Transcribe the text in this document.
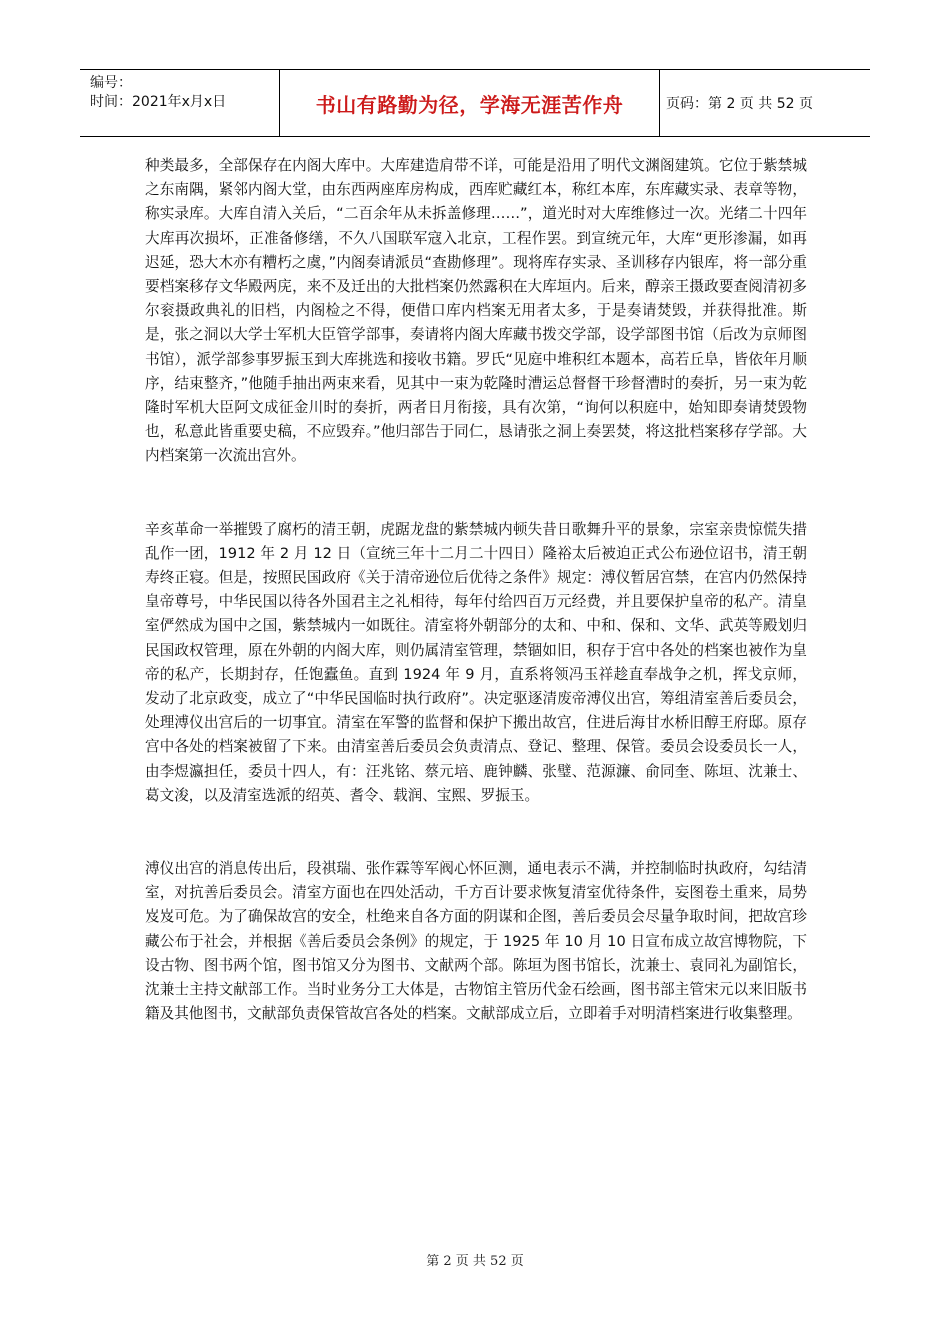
编号：
时间：2021年x月x日	书山有路勤为径，学海无涯苦作舟	页码：第 2 页 共 52 页

种类最多，全部保存在内阁大库中。大库建造肩带不详，可能是沿用了明代文渊阁建筑。它位于紫禁城之东南隅，紧邻内阁大堂，由东西两座库房构成，西库贮藏红本，称红本库，东库藏实录、表章等物，称实录库。大库自清入关后，“二百余年从未拆盖修理……”，道光时对大库维修过一次。光绪二十四年大库再次损坏，正准备修缮，不久八国联军寇入北京，工程作罢。到宣统元年，大库“更形渗漏，如再迟延，恐大木亦有糟朽之虞，”内阁奏请派员“查勘修理”。现将库存实录、圣训移存内银库，将一部分重要档案移存文华殿两庑，来不及迁出的大批档案仍然露积在大库垣内。后来，醇亲王摄政要查阅清初多尔衮摄政典礼的旧档，内阁检之不得，便借口库内档案无用者太多，于是奏请焚毁，并获得批准。斯是，张之洞以大学士军机大臣管学部事，奏请将内阁大库藏书拨交学部，设学部图书馆（后改为京师图书馆），派学部参事罗振玉到大库挑选和接收书籍。罗氏“见庭中堆积红本题本，高若丘阜，皆依年月顺序，结束整齐，”他随手抽出两束来看，见其中一束为乾隆时漕运总督督干珍督漕时的奏折，另一束为乾隆时军机大臣阿文成征金川时的奏折，两者日月衔接，具有次第，“询何以积庭中，始知即奏请焚毁物也，私意此皆重要史稿，不应毁弃。”他归部告于同仁，恳请张之洞上奏罢焚，将这批档案移存学部。大内档案第一次流出宫外。

辛亥革命一举摧毁了腐朽的清王朝，虎踞龙盘的紫禁城内顿失昔日歌舞升平的景象，宗室亲贵惊慌失措乱作一团，1912 年 2 月 12 日（宣统三年十二月二十四日）隆裕太后被迫正式公布逊位诏书，清王朝寿终正寝。但是，按照民国政府《关于清帝逊位后优待之条件》规定：溥仪暂居宫禁，在宫内仍然保持皇帝尊号，中华民国以待各外国君主之礼相待，每年付给四百万元经费，并且要保护皇帝的私产。清皇室俨然成为国中之国，紫禁城内一如既往。清室将外朝部分的太和、中和、保和、文华、武英等殿划归民国政权管理，原在外朝的内阁大库，则仍属清室管理，禁锢如旧，积存于宫中各处的档案也被作为皇帝的私产，长期封存，任饱蠹鱼。直到 1924 年 9 月，直系将领冯玉祥趁直奉战争之机，挥戈京师，发动了北京政变，成立了“中华民国临时执行政府”。决定驱逐清废帝溥仪出宫，筹组清室善后委员会，处理溥仪出宫后的一切事宜。清室在军警的监督和保护下搬出故宫，住进后海甘水桥旧醇王府邸。原存宫中各处的档案被留了下来。由清室善后委员会负责清点、登记、整理、保管。委员会设委员长一人，由李煜瀛担任，委员十四人，有：汪兆铭、蔡元培、鹿钟麟、张璧、范源濂、俞同奎、陈垣、沈兼士、葛文浚，以及清室选派的绍英、耆令、载润、宝熙、罗振玉。

溥仪出宫的消息传出后，段祺瑞、张作霖等军阀心怀叵测，通电表示不满，并控制临时执政府，勾结清室，对抗善后委员会。清室方面也在四处活动，千方百计要求恢复清室优待条件，妄图卷土重来，局势岌岌可危。为了确保故宫的安全，杜绝来自各方面的阴谋和企图，善后委员会尽量争取时间，把故宫珍藏公布于社会，并根据《善后委员会条例》的规定，于 1925 年 10 月 10 日宣布成立故宫博物院，下设古物、图书两个馆，图书馆又分为图书、文献两个部。陈垣为图书馆长，沈兼士、袁同礼为副馆长，沈兼士主持文献部工作。当时业务分工大体是，古物馆主管历代金石绘画，图书部主管宋元以来旧版书籍及其他图书，文献部负责保管故宫各处的档案。文献部成立后，立即着手对明清档案进行收集整理。

第 2 页 共 52 页
